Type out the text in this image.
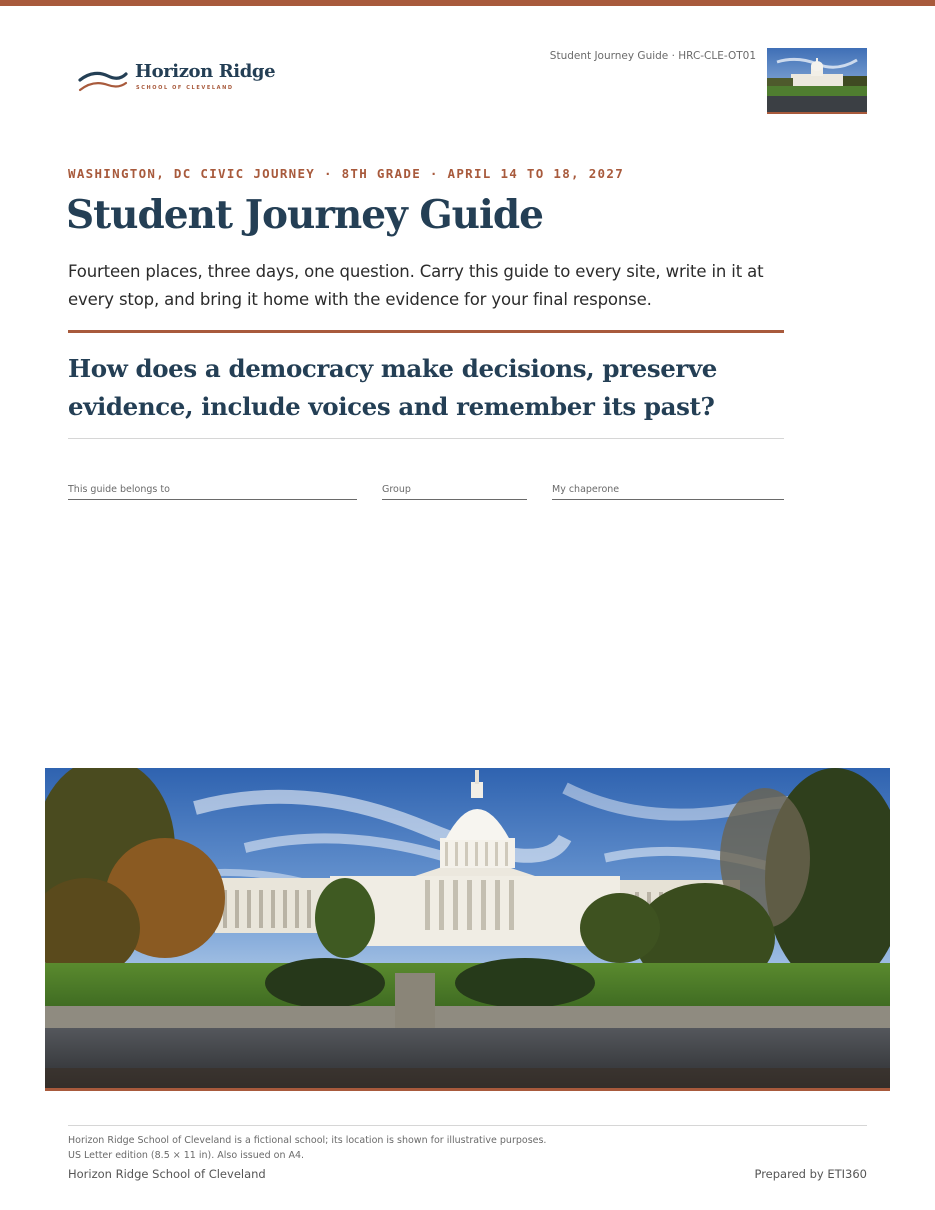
Horizon Ridge
SCHOOL OF CLEVELAND
Student Journey Guide · HRC-CLE-OT01
WASHINGTON, DC CIVIC JOURNEY · 8TH GRADE · APRIL 14 TO 18, 2027
Student Journey Guide
Fourteen places, three days, one question. Carry this guide to every site, write in it at every stop, and bring it home with the evidence for your final response.
How does a democracy make decisions, preserve evidence, include voices and remember its past?
This guide belongs to	Group	My chaperone
Horizon Ridge School of Cleveland is a fictional school; its location is shown for illustrative purposes.
US Letter edition (8.5 × 11 in). Also issued on A4.
Horizon Ridge School of Cleveland	Prepared by ETI360
